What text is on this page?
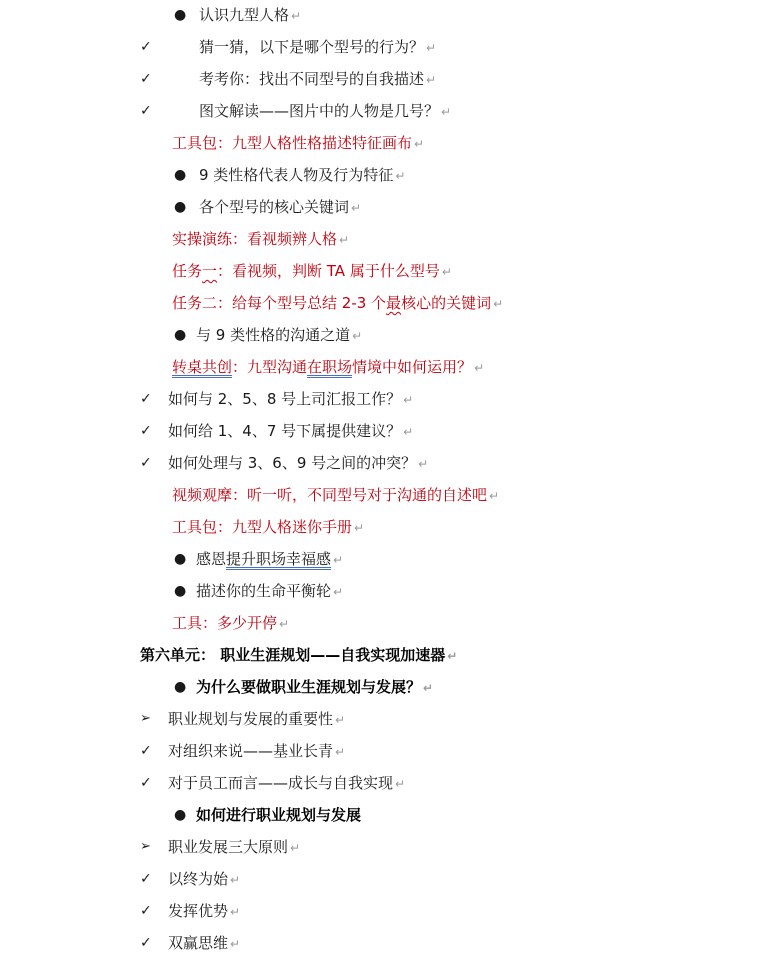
● 认识九型人格 ↵
✓	猜一猜，以下是哪个型号的行为？ ↵
✓	考考你：找出不同型号的自我描述 ↵
✓	图文解读——图片中的人物是几号？ ↵
工具包：九型人格性格描述特征画布 ↵
● 9 类性格代表人物及行为特征 ↵
● 各个型号的核心关键词 ↵
实操演练：看视频辨人格 ↵
任务一：看视频，判断 TA 属于什么型号 ↵
任务二：给每个型号总结 2-3 个最核心的关键词 ↵
● 与 9 类性格的沟通之道 ↵
转桌共创：九型沟通在职场情境中如何运用？ ↵
✓ 如何与 2、5、8 号上司汇报工作？ ↵
✓ 如何给 1、4、7 号下属提供建议？ ↵
✓ 如何处理与 3、6、9 号之间的冲突？ ↵
视频观摩：听一听，不同型号对于沟通的自述吧 ↵
工具包：九型人格迷你手册 ↵
● 感恩提升职场幸福感 ↵
● 描述你的生命平衡轮 ↵
工具：多少开停 ↵
第六单元： 职业生涯规划——自我实现加速器 ↵
● 为什么要做职业生涯规划与发展？ ↵
➢ 职业规划与发展的重要性 ↵
✓ 对组织来说——基业长青 ↵
✓ 对于员工而言——成长与自我实现 ↵
● 如何进行职业规划与发展
➢ 职业发展三大原则 ↵
✓ 以终为始 ↵
✓ 发挥优势 ↵
✓ 双赢思维 ↵
